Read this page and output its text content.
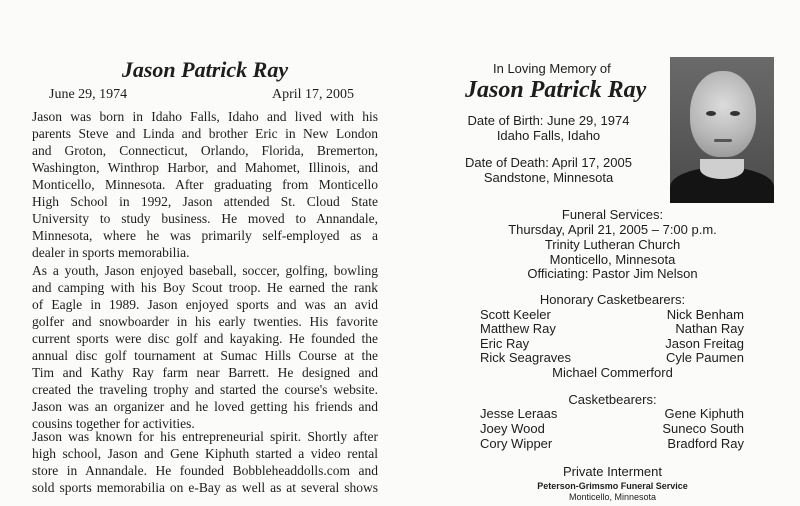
Jason Patrick Ray
June 29, 1974	April 17, 2005
Jason was born in Idaho Falls, Idaho and lived with his
parents Steve and Linda and brother Eric in New London
and Groton, Connecticut, Orlando, Florida, Bremerton,
Washington, Winthrop Harbor, and Mahomet, Illinois, and
Monticello, Minnesota. After graduating from Monticello
High School in 1992, Jason attended St. Cloud State
University to study business. He moved to Annandale,
Minnesota, where he was primarily self-employed as a
dealer in sports memorabilia.
As a youth, Jason enjoyed baseball, soccer, golfing, bowling
and camping with his Boy Scout troop. He earned the rank
of Eagle in 1989. Jason enjoyed sports and was an avid
golfer and snowboarder in his early twenties. His favorite
current sports were disc golf and kayaking. He founded the
annual disc golf tournament at Sumac Hills Course at the
Tim and Kathy Ray farm near Barrett. He designed and
created the traveling trophy and started the course's website.
Jason was an organizer and he loved getting his friends and
cousins together for activities.
Jason was known for his entrepreneurial spirit. Shortly after
high school, Jason and Gene Kiphuth started a video rental
store in Annandale. He founded Bobbleheaddolls.com and
sold sports memorabilia on e-Bay as well as at several shows
In Loving Memory of
Jason Patrick Ray
Date of Birth: June 29, 1974
Idaho Falls, Idaho
Date of Death: April 17, 2005
Sandstone, Minnesota
Funeral Services:
Thursday, April 21, 2005 – 7:00 p.m.
Trinity Lutheran Church
Monticello, Minnesota
Officiating: Pastor Jim Nelson
Honorary Casketbearers:
Scott Keeler
Matthew Ray
Eric Ray
Rick Seagraves
Nick Benham
Nathan Ray
Jason Freitag
Cyle Paumen
Michael Commerford
Casketbearers:
Jesse Leraas
Joey Wood
Cory Wipper
Gene Kiphuth
Suneco South
Bradford Ray
Private Interment
Peterson-Grimsmo Funeral Service
Monticello, Minnesota
